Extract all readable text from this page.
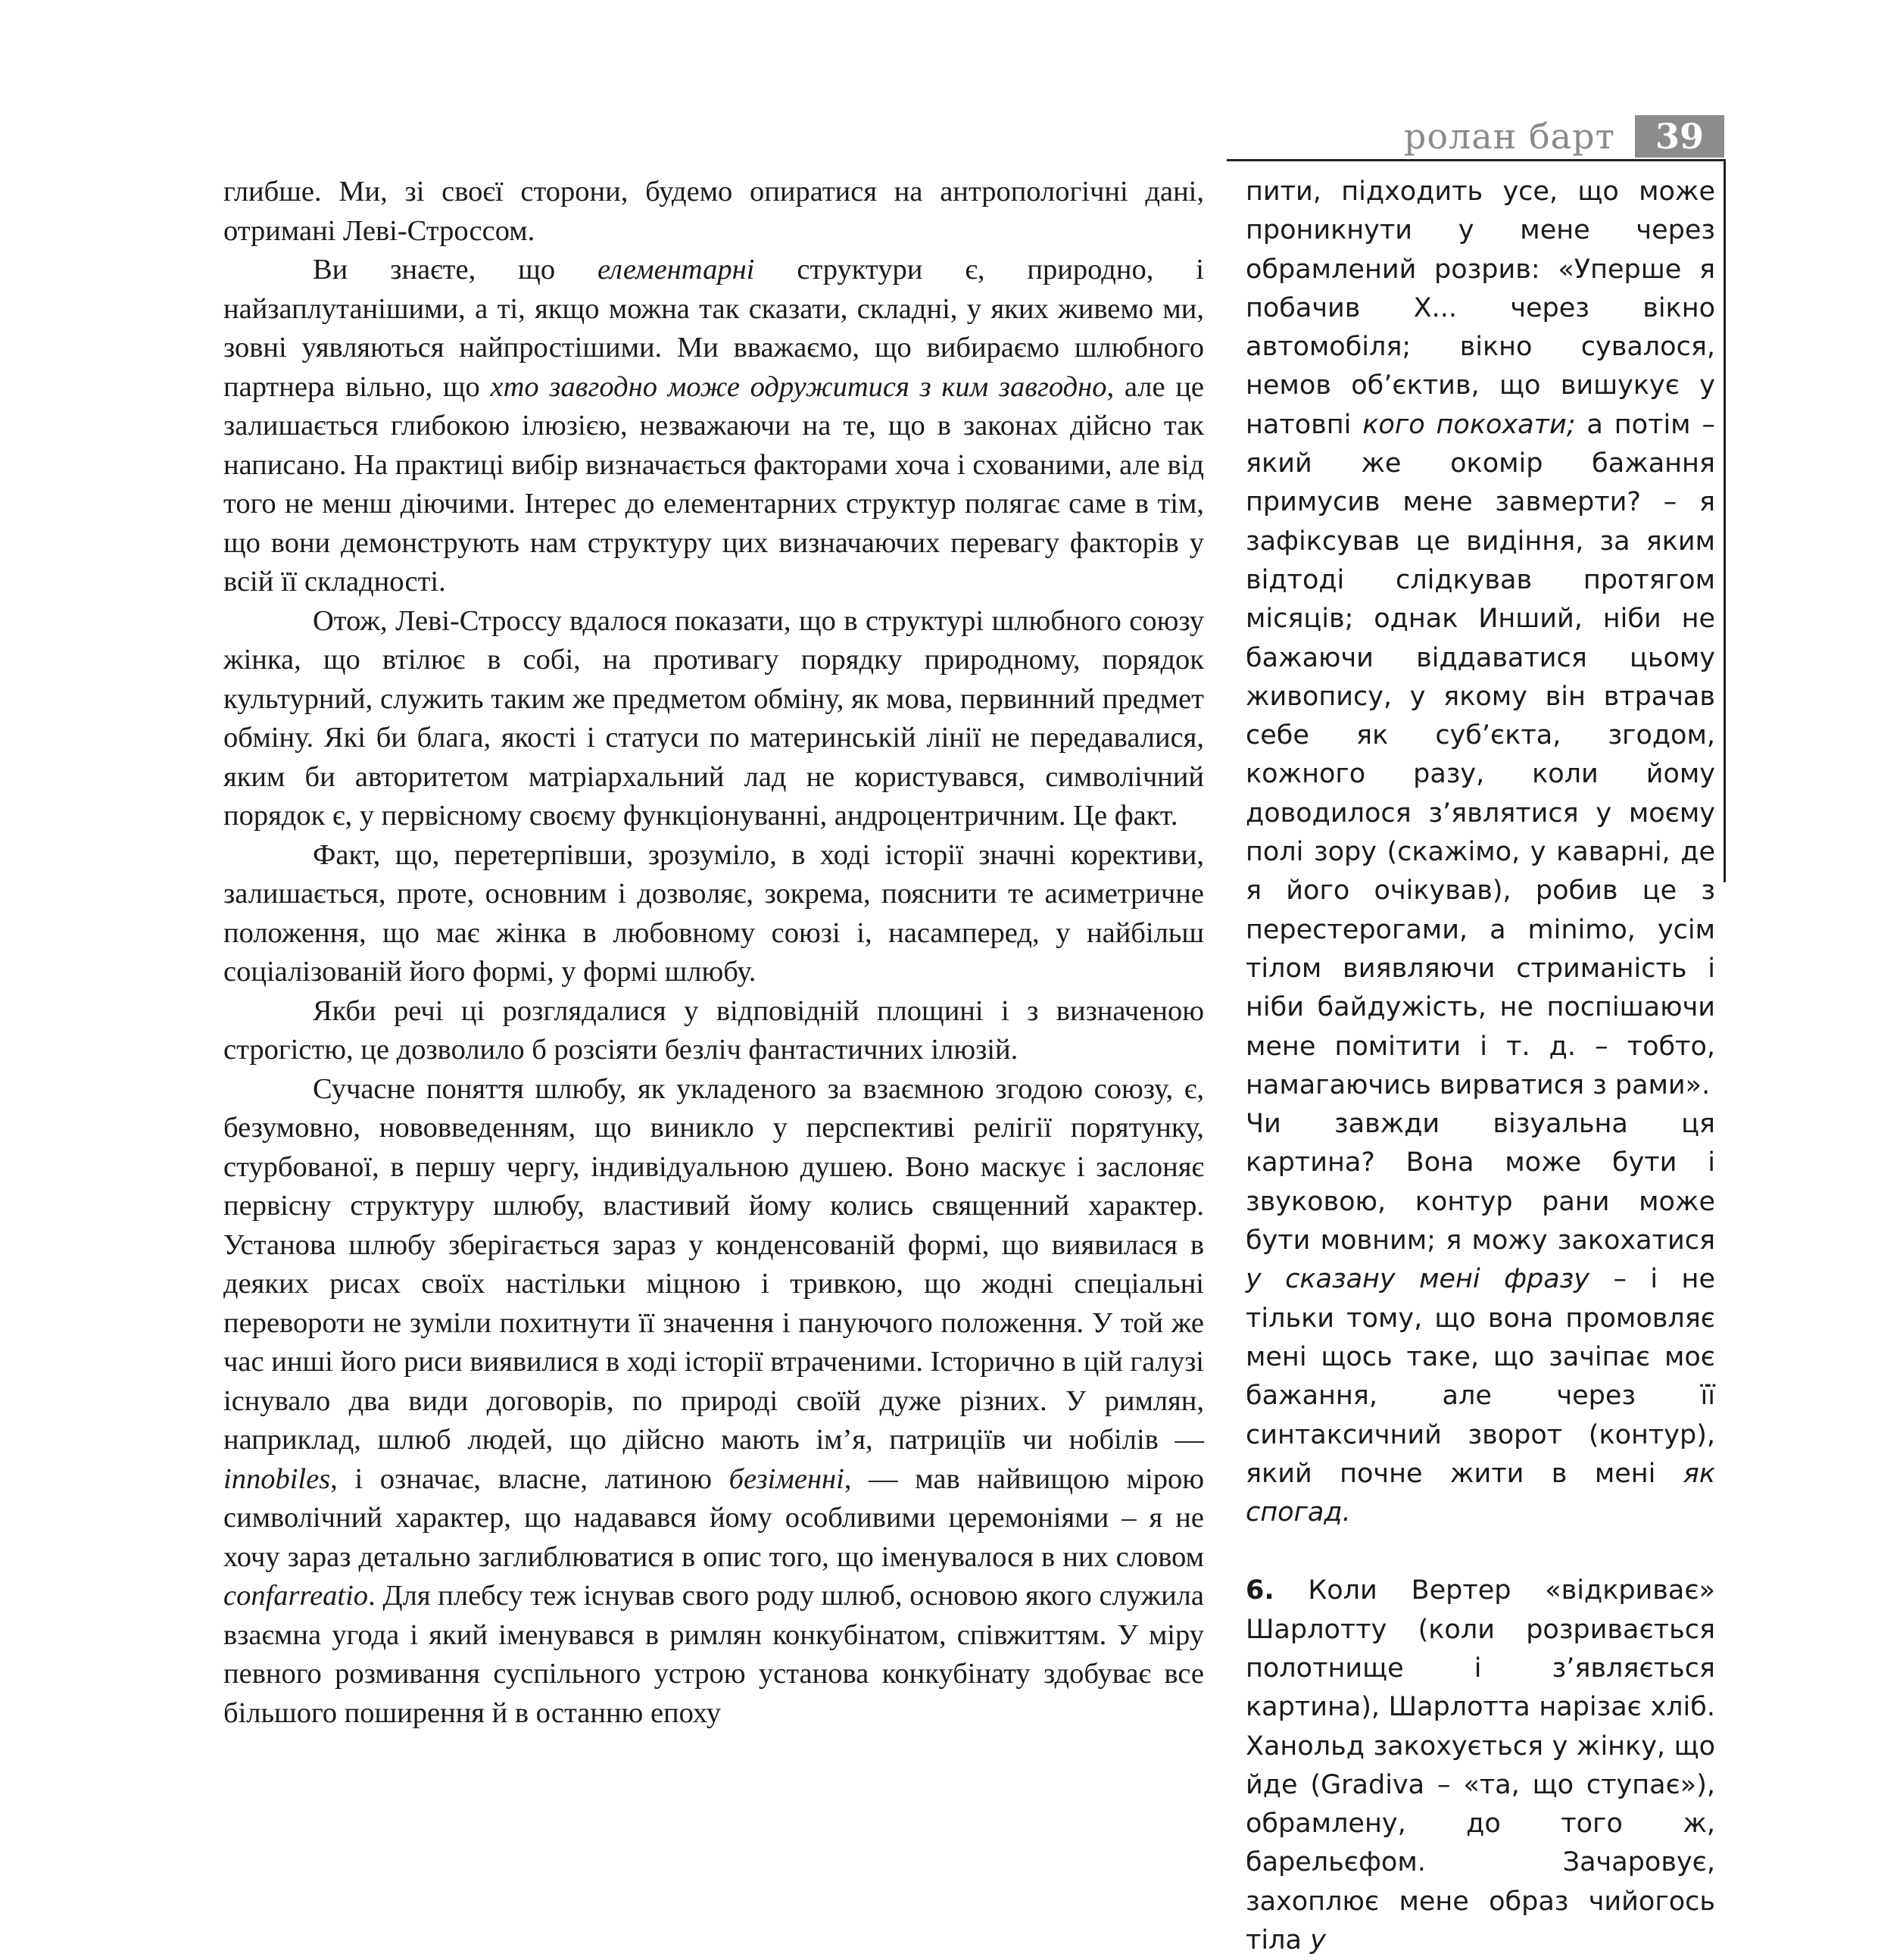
ролан барт	39

глибше. Ми, зі своєї сторони, будемо опиратися на антропологічні дані, отримані Леві-Строссом.

Ви знаєте, що елементарні структури є, природно, і найзаплутанішими, а ті, якщо можна так сказати, складні, у яких живемо ми, зовні уявляються найпростішими. Ми вважаємо, що вибираємо шлюбного партнера вільно, що хто завгодно може одружитися з ким завгодно, але це залишається глибокою ілюзією, незважаючи на те, що в законах дійсно так написано. На практиці вибір визначається факторами хоча і схованими, але від того не менш діючими. Інтерес до елементарних структур полягає саме в тім, що вони демонструють нам структуру цих визначаючих перевагу факторів у всій її складності.

Отож, Леві-Строссу вдалося показати, що в структурі шлюбного союзу жінка, що втілює в собі, на противагу порядку природному, порядок культурний, служить таким же предметом обміну, як мова, первинний предмет обміну. Які би блага, якості і статуси по материнській лінії не передавалися, яким би авторитетом матріархальний лад не користувався, символічний порядок є, у первісному своєму функціонуванні, андроцентричним. Це факт.

Факт, що, перетерпівши, зрозуміло, в ході історії значні корективи, залишається, проте, основним і дозволяє, зокрема, пояснити те асиметричне положення, що має жінка в любовному союзі і, насамперед, у найбільш соціалізованій його формі, у формі шлюбу.

Якби речі ці розглядалися у відповідній площині і з визначеною строгістю, це дозволило б розсіяти безліч фантастичних ілюзій.

Сучасне поняття шлюбу, як укладеного за взаємною згодою союзу, є, безумовно, нововведенням, що виникло у перспективі релігії порятунку, стурбованої, в першу чергу, індивідуальною душею. Воно маскує і заслоняє первісну структуру шлюбу, властивий йому колись священний характер. Установа шлюбу зберігається зараз у конденсованій формі, що виявилася в деяких рисах своїх настільки міцною і тривкою, що жодні спеціальні перевороти не зуміли похитнути її значення і пануючого положення. У той же час инші його риси виявилися в ході історії втраченими. Історично в цій галузі існувало два види договорів, по природі своїй дуже різних. У римлян, наприклад, шлюб людей, що дійсно мають ім’я, патриціїв чи нобілів — innobiles, і означає, власне, латиною безіменні, — мав найвищою мірою символічний характер, що надавався йому особливими церемоніями – я не хочу зараз детально заглиблюватися в опис того, що іменувалося в них словом confarreatio. Для плебсу теж існував свого роду шлюб, основою якого служила взаємна угода і який іменувався в римлян конкубінатом, співжиттям. У міру певного розмивання суспільного устрою установа конкубінату здобуває все більшого поширення й в останню епоху

пити, підходить усе, що може проникнути у мене через обрамлений розрив: «Уперше я побачив Х... через вікно автомобіля; вікно сувалося, немов об’єктив, що вишукує у натовпі кого покохати; а потім – який же окомір бажання примусив мене завмерти? – я зафіксував це видіння, за яким відтоді слідкував протягом місяців; однак Инший, ніби не бажаючи віддаватися цьому живопису, у якому він втрачав себе як суб’єкта, згодом, кожного разу, коли йому доводилося з’являтися у моєму полі зору (скажімо, у каварні, де я його очікував), робив це з перестерогами, а minimo, усім тілом виявляючи стриманість і ніби байдужість, не поспішаючи мене помітити і т. д. – тобто, намагаючись вирватися з рами».

Чи завжди візуальна ця картина? Вона може бути і звуковою, контур рани може бути мовним; я можу закохатися у сказану мені фразу – і не тільки тому, що вона промовляє мені щось таке, що зачіпає моє бажання, але через її синтаксичний зворот (контур), який почне жити в мені як спогад.

6. Коли Вертер «відкриває» Шарлотту (коли розривається полотнище і з’являється картина), Шарлотта нарізає хліб. Ханольд закохується у жінку, що йде (Gradiva – «та, що ступає»), обрамлену, до того ж, барельєфом. Зачаровує, захоплює мене образ чийогось тіла у
